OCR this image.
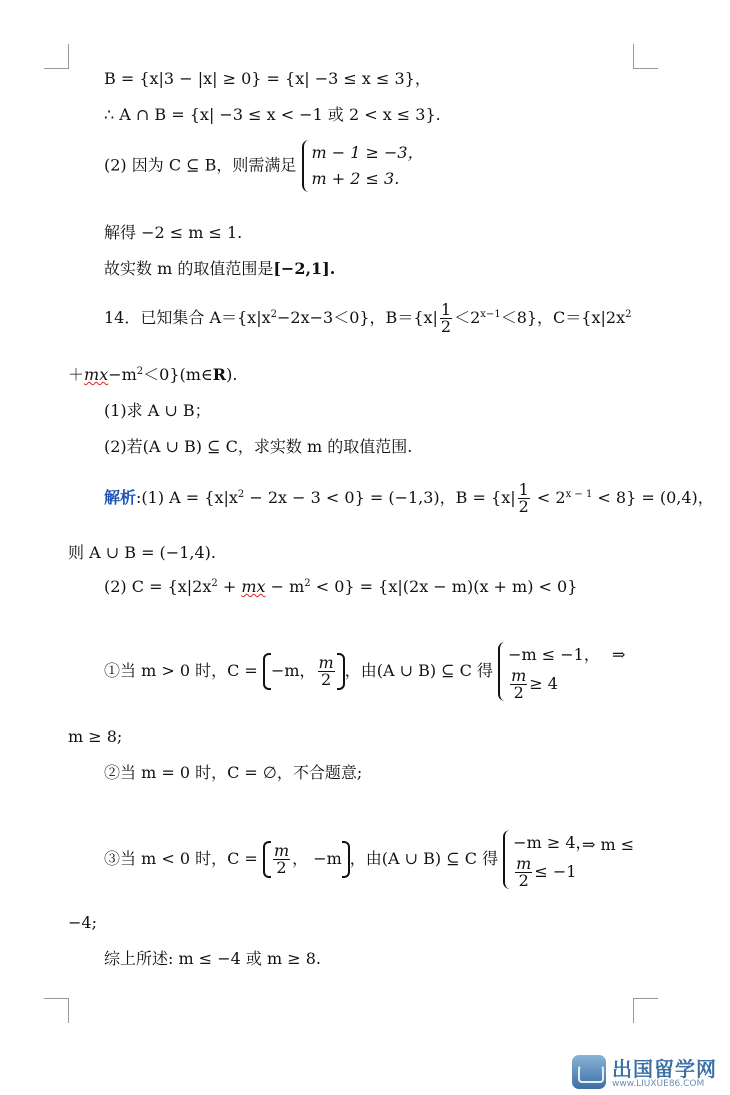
B = {x|3 − |x| ≥ 0} = {x| −3 ≤ x ≤ 3}，
∴ A ∩ B = {x| −3 ≤ x < −1 或 2 < x ≤ 3}.
(2) 因为 C ⊆ B，则需满足
m − 1 ≥ −3，
m + 2 ≤ 3.
解得 −2 ≤ m ≤ 1.
故实数 m 的取值范围是[−2,1].
14．已知集合 $A=\{x|x^2-2x-3<0\}$，$B=\{x| \frac{1}{2} <2^{x-1}<8\}$，$C=\{x|2x^2$
$+mx-m^2<0\}(m\in R)$.
(1)求 A ∪ B；
(2)若(A ∪ B) ⊆ C，求实数 m 的取值范围.
解析:(1) $A = \{x|x^2 - 2x - 3 < 0\} = (-1,3)$，$B = \{x| \frac{1}{2} < 2^{x - 1} < 8\} = (0,4)$，
则 A ∪ B = (−1,4).
(2) $C = \{x|2x^2$ + mx − $m^2 < 0\} = \{x|(2x - m)(x + m) < 0\}$
①当 m > 0 时，C = −m， $\frac{m}{2}$ ，由(A ∪ B) ⊆ C 得
−m ≤ −1，
$\frac{m}{2} \ge 4$
⇒
m ≥ 8;
②当 m = 0 时，C = ∅，不合题意;
③当 m < 0 时，$C = \frac{m}{2}$ ， −m ，由(A ∪ B) ⊆ C 得
−m ≥ 4，
$\frac{m}{2} \le -1$
⇒ m ≤
−4;
综上所述: m ≤ −4 或 m ≥ 8.
出国留学网
www.LIUXUE86.COM
